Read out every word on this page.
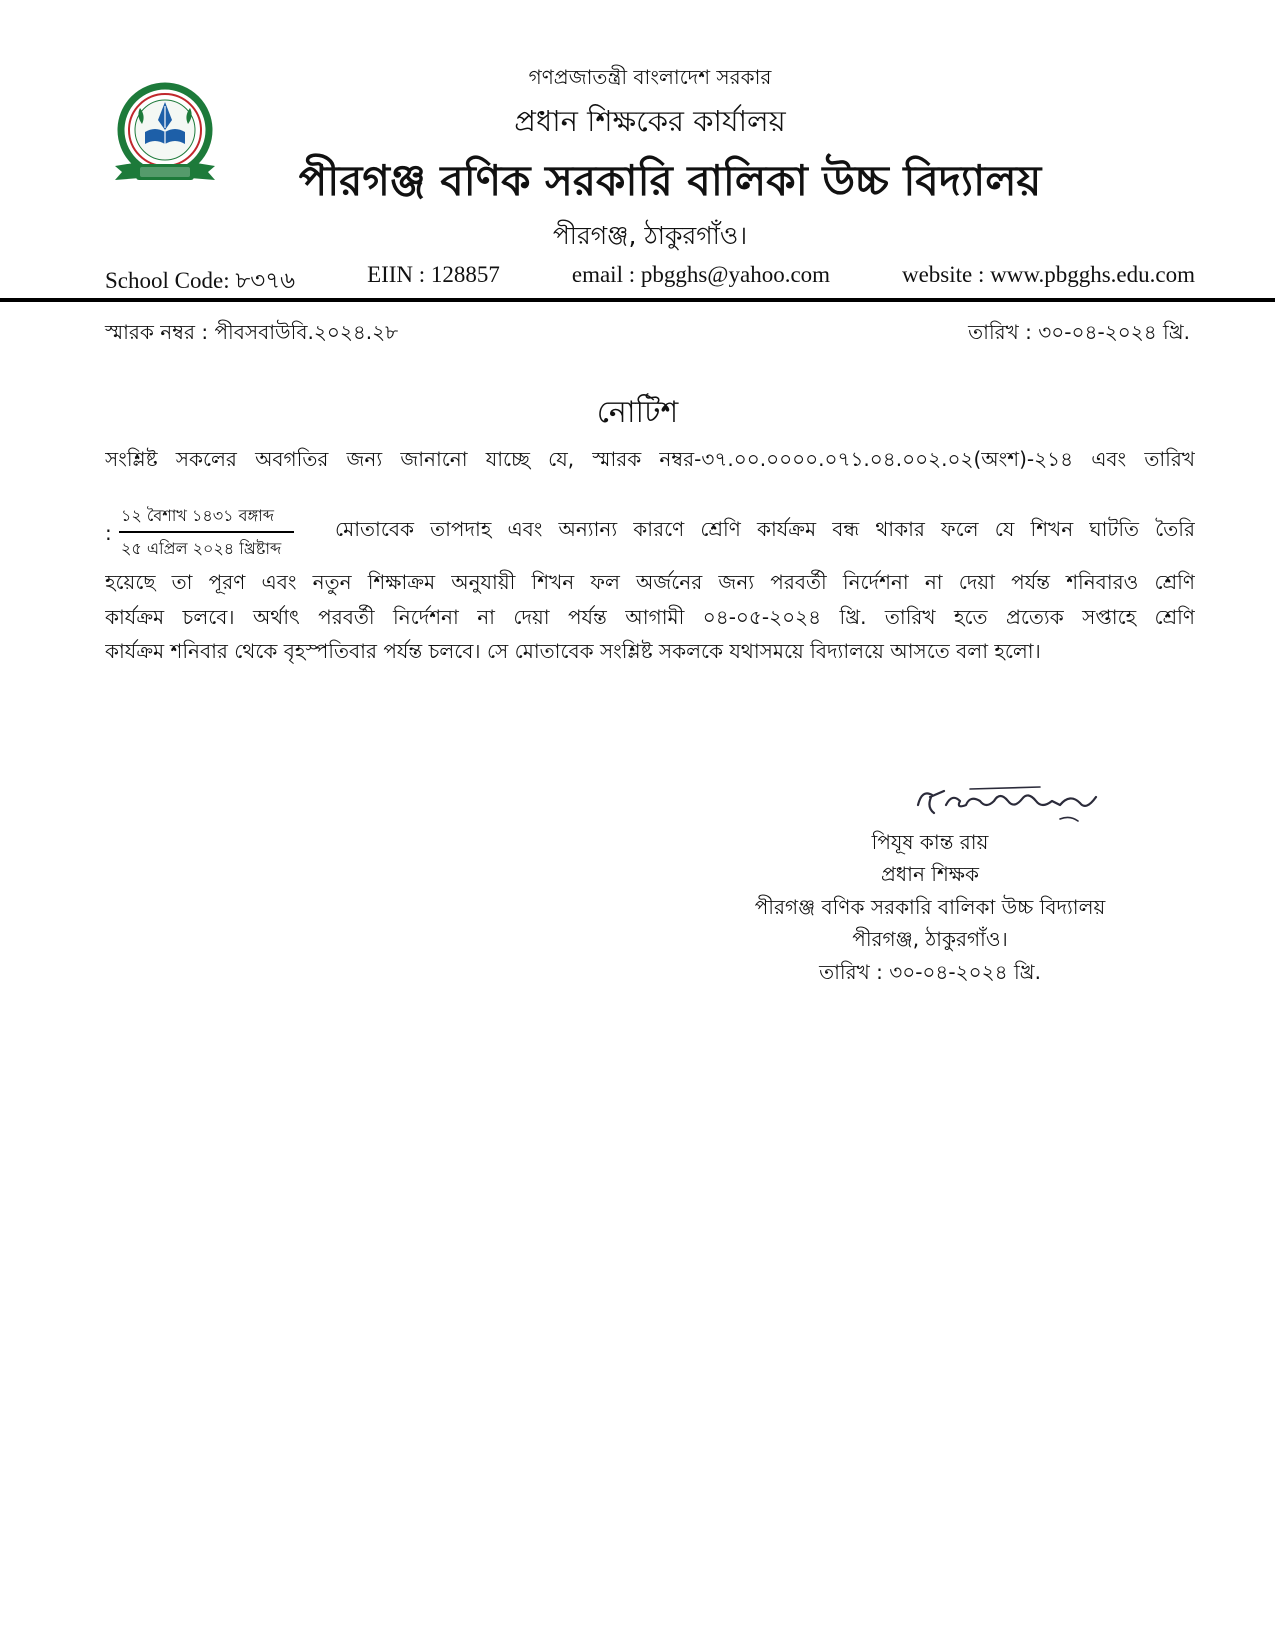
গণপ্রজাতন্ত্রী বাংলাদেশ সরকার
প্রধান শিক্ষকের কার্যালয়
পীরগঞ্জ বণিক সরকারি বালিকা উচ্চ বিদ্যালয়
পীরগঞ্জ, ঠাকুরগাঁও।
School Code: ৮৩৭৬	EIIN : 128857	email : pbgghs@yahoo.com	website : www.pbgghs.edu.com
স্মারক নম্বর : পীবসবাউবি.২০২৪.২৮	তারিখ : ৩০-০৪-২০২৪ খ্রি.
নোটিশ
সংশ্লিষ্ট সকলের অবগতির জন্য জানানো যাচ্ছে যে, স্মারক নম্বর-৩৭.০০.০০০০.০৭১.০৪.০০২.০২(অংশ)-২১৪ এবং তারিখ
:
১২ বৈশাখ ১৪৩১ বঙ্গাব্দ
২৫ এপ্রিল ২০২৪ খ্রিষ্টাব্দ
মোতাবেক তাপদাহ এবং অন্যান্য কারণে শ্রেণি কার্যক্রম বন্ধ থাকার ফলে যে শিখন ঘাটতি তৈরি
হয়েছে তা পূরণ এবং নতুন শিক্ষাক্রম অনুযায়ী শিখন ফল অর্জনের জন্য পরবর্তী নির্দেশনা না দেয়া পর্যন্ত শনিবারও শ্রেণি
কার্যক্রম চলবে। অর্থাৎ পরবর্তী নির্দেশনা না দেয়া পর্যন্ত আগামী ০৪-০৫-২০২৪ খ্রি. তারিখ হতে প্রত্যেক সপ্তাহে শ্রেণি
কার্যক্রম শনিবার থেকে বৃহস্পতিবার পর্যন্ত চলবে। সে মোতাবেক সংশ্লিষ্ট সকলকে যথাসময়ে বিদ্যালয়ে আসতে বলা হলো।
পিযূষ কান্ত রায়
প্রধান শিক্ষক
পীরগঞ্জ বণিক সরকারি বালিকা উচ্চ বিদ্যালয়
পীরগঞ্জ, ঠাকুরগাঁও।
তারিখ : ৩০-০৪-২০২৪ খ্রি.
